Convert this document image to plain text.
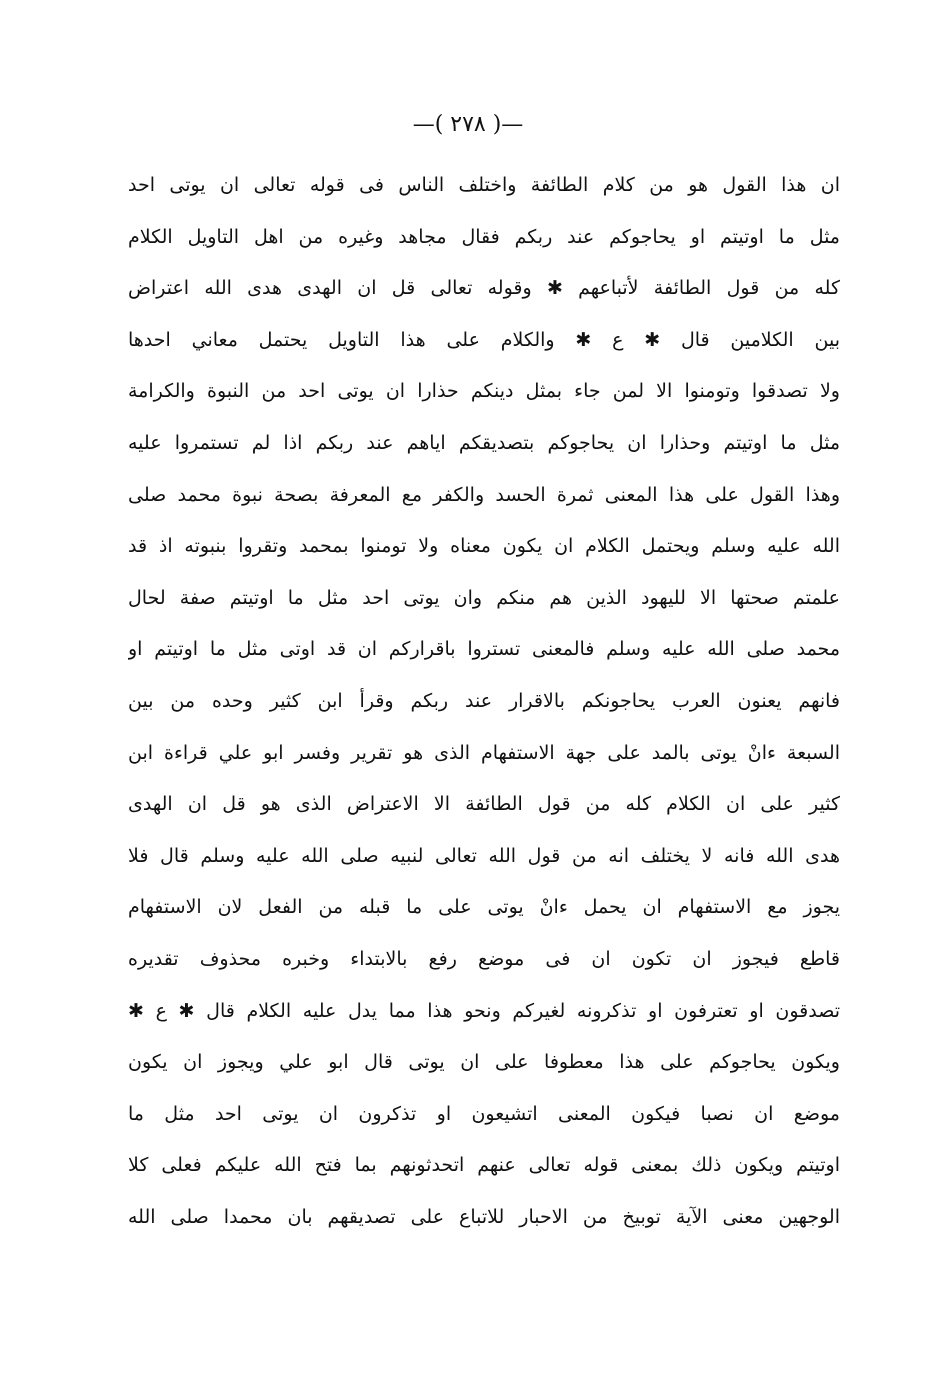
—( ٢٧٨ )—
ان هذا القول هو من كلام الطائفة واختلف الناس فى قوله تعالى ان يوتى احد
مثل ما اوتيتم او يحاجوكم عند ربكم فقال مجاهد وغيره من اهل التاويل الكلام
كله من قول الطائفة لأتباعهم ✱ وقوله تعالى قل ان الهدى هدى الله اعتراض
بين الكلامين قال ✱ ع ✱ والكلام على هذا التاويل يحتمل معاني احدها
ولا تصدقوا وتومنوا الا لمن جاء بمثل دينكم حذارا ان يوتى احد من النبوة والكرامة
مثل ما اوتيتم وحذارا ان يحاجوكم بتصديقكم اياهم عند ربكم اذا لم تستمروا عليه
وهذا القول على هذا المعنى ثمرة الحسد والكفر مع المعرفة بصحة نبوة محمد صلى
الله عليه وسلم ويحتمل الكلام ان يكون معناه ولا تومنوا بمحمد وتقروا بنبوته اذ قد
علمتم صحتها الا لليهود الذين هم منكم وان يوتى احد مثل ما اوتيتم صفة لحال
محمد صلى الله عليه وسلم فالمعنى تستروا باقراركم ان قد اوتى مثل ما اوتيتم او
فانهم يعنون العرب يحاجونكم بالاقرار عند ربكم وقرأ ابن كثير وحده من بين
السبعة ءانْ يوتى بالمد على جهة الاستفهام الذى هو تقرير وفسر ابو علي قراءة ابن
كثير على ان الكلام كله من قول الطائفة الا الاعتراض الذى هو قل ان الهدى
هدى الله فانه لا يختلف انه من قول الله تعالى لنبيه صلى الله عليه وسلم قال فلا
يجوز مع الاستفهام ان يحمل ءانْ يوتى على ما قبله من الفعل لان الاستفهام
قاطع فيجوز ان تكون ان فى موضع رفع بالابتداء وخبره محذوف تقديره
تصدقون او تعترفون او تذكرونه لغيركم ونحو هذا مما يدل عليه الكلام قال ✱ ع ✱
ويكون يحاجوكم على هذا معطوفا على ان يوتى قال ابو علي ويجوز ان يكون
موضع ان نصبا فيكون المعنى اتشيعون او تذكرون ان يوتى احد مثل ما
اوتيتم ويكون ذلك بمعنى قوله تعالى عنهم اتحدثونهم بما فتح الله عليكم فعلى كلا
الوجهين معنى الآية توبيخ من الاحبار للاتباع على تصديقهم بان محمدا صلى الله
